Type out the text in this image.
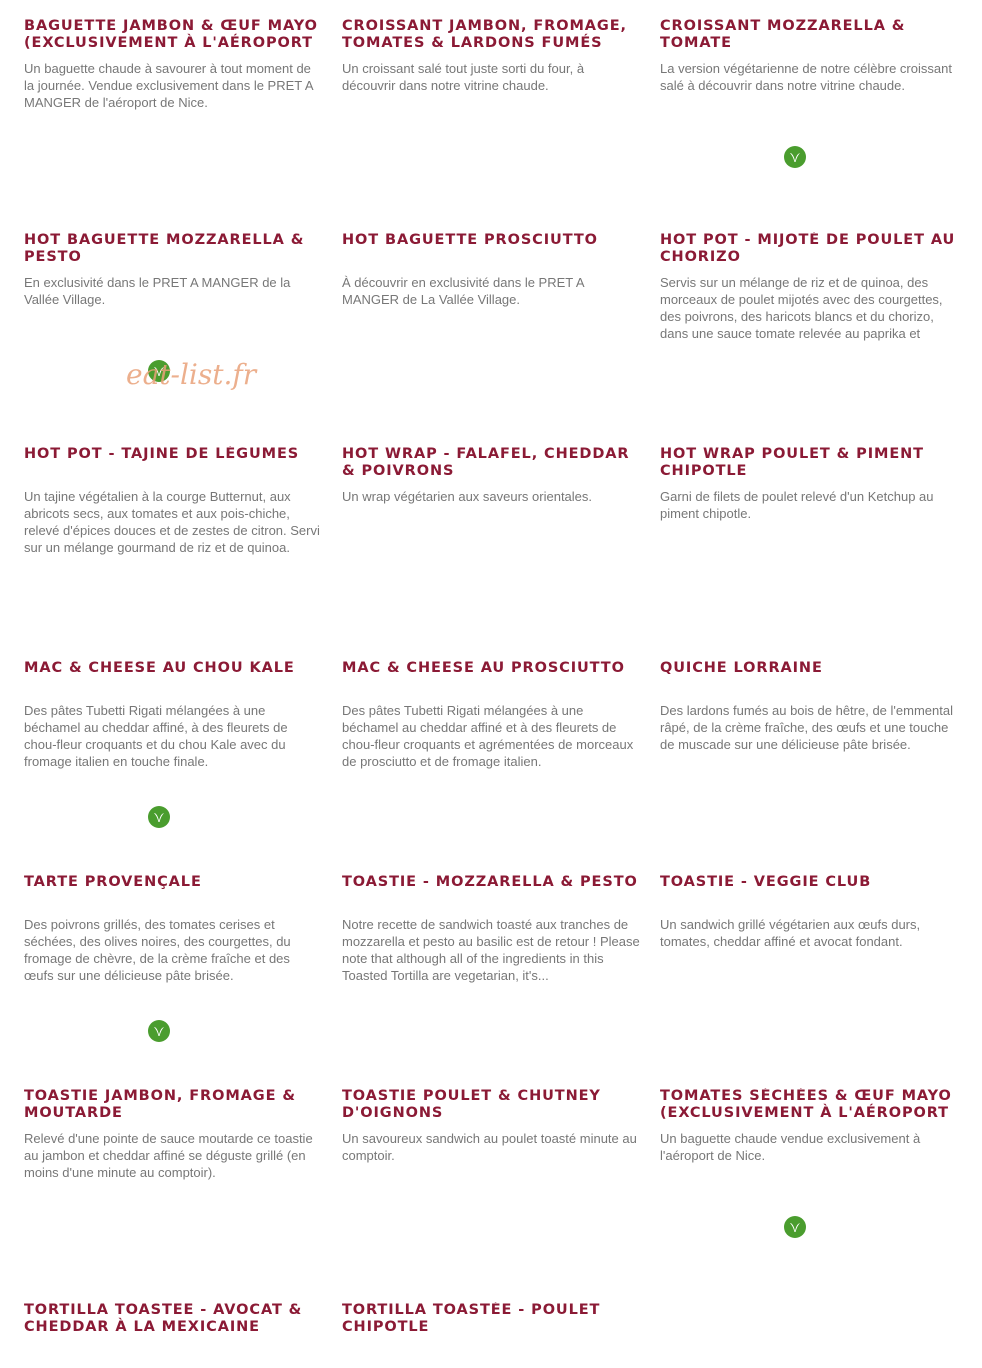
BAGUETTE JAMBON & ŒUF MAYO (EXCLUSIVEMENT À L'AÉROPORT

Un baguette chaude à savourer à tout moment de la journée. Vendue exclusivement dans le PRET A MANGER de l'aéroport de Nice.

CROISSANT JAMBON, FROMAGE, TOMATES & LARDONS FUMÉS

Un croissant salé tout juste sorti du four, à découvrir dans notre vitrine chaude.

CROISSANT MOZZARELLA & TOMATE

La version végétarienne de notre célèbre croissant salé à découvrir dans notre vitrine chaude.

HOT BAGUETTE MOZZARELLA & PESTO

En exclusivité dans le PRET A MANGER de la Vallée Village.

HOT BAGUETTE PROSCIUTTO

À découvrir en exclusivité dans le PRET A MANGER de La Vallée Village.

HOT POT - MIJOTÉ DE POULET AU CHORIZO

Servis sur un mélange de riz et de quinoa, des morceaux de poulet mijotés avec des courgettes, des poivrons, des haricots blancs et du chorizo, dans une sauce tomate relevée au paprika et

HOT POT - TAJINE DE LÉGUMES

Un tajine végétalien à la courge Butternut, aux abricots secs, aux tomates et aux pois-chiche, relevé d'épices douces et de zestes de citron. Servi sur un mélange gourmand de riz et de quinoa.

HOT WRAP - FALAFEL, CHEDDAR & POIVRONS

Un wrap végétarien aux saveurs orientales.

HOT WRAP POULET & PIMENT CHIPOTLE

Garni de filets de poulet relevé d'un Ketchup au piment chipotle.

MAC & CHEESE AU CHOU KALE

Des pâtes Tubetti Rigati mélangées à une béchamel au cheddar affiné, à des fleurets de chou-fleur croquants et du chou Kale avec du fromage italien en touche finale.

MAC & CHEESE AU PROSCIUTTO

Des pâtes Tubetti Rigati mélangées à une béchamel au cheddar affiné et à des fleurets de chou-fleur croquants et agrémentées de morceaux de prosciutto et de fromage italien.

QUICHE LORRAINE

Des lardons fumés au bois de hêtre, de l'emmental râpé, de la crème fraîche, des œufs et une touche de muscade sur une délicieuse pâte brisée.

TARTE PROVENÇALE

Des poivrons grillés, des tomates cerises et séchées, des olives noires, des courgettes, du fromage de chèvre, de la crème fraîche et des œufs sur une délicieuse pâte brisée.

TOASTIE - MOZZARELLA & PESTO

Notre recette de sandwich toasté aux tranches de mozzarella et pesto au basilic est de retour ! Please note that although all of the ingredients in this Toasted Tortilla are vegetarian, it's...

TOASTIE - VEGGIE CLUB

Un sandwich grillé végétarien aux œufs durs, tomates, cheddar affiné et avocat fondant.

TOASTIE JAMBON, FROMAGE & MOUTARDE

Relevé d'une pointe de sauce moutarde ce toastie au jambon et cheddar affiné se déguste grillé (en moins d'une minute au comptoir).

TOASTIE POULET & CHUTNEY D'OIGNONS

Un savoureux sandwich au poulet toasté minute au comptoir.

TOMATES SÉCHÉES & ŒUF MAYO (EXCLUSIVEMENT À L'AÉROPORT

Un baguette chaude vendue exclusivement à l'aéroport de Nice.

TORTILLA TOASTEE - AVOCAT & CHEDDAR À LA MEXICAINE
TORTILLA TOASTÉE - POULET CHIPOTLE
eat-list.fr
